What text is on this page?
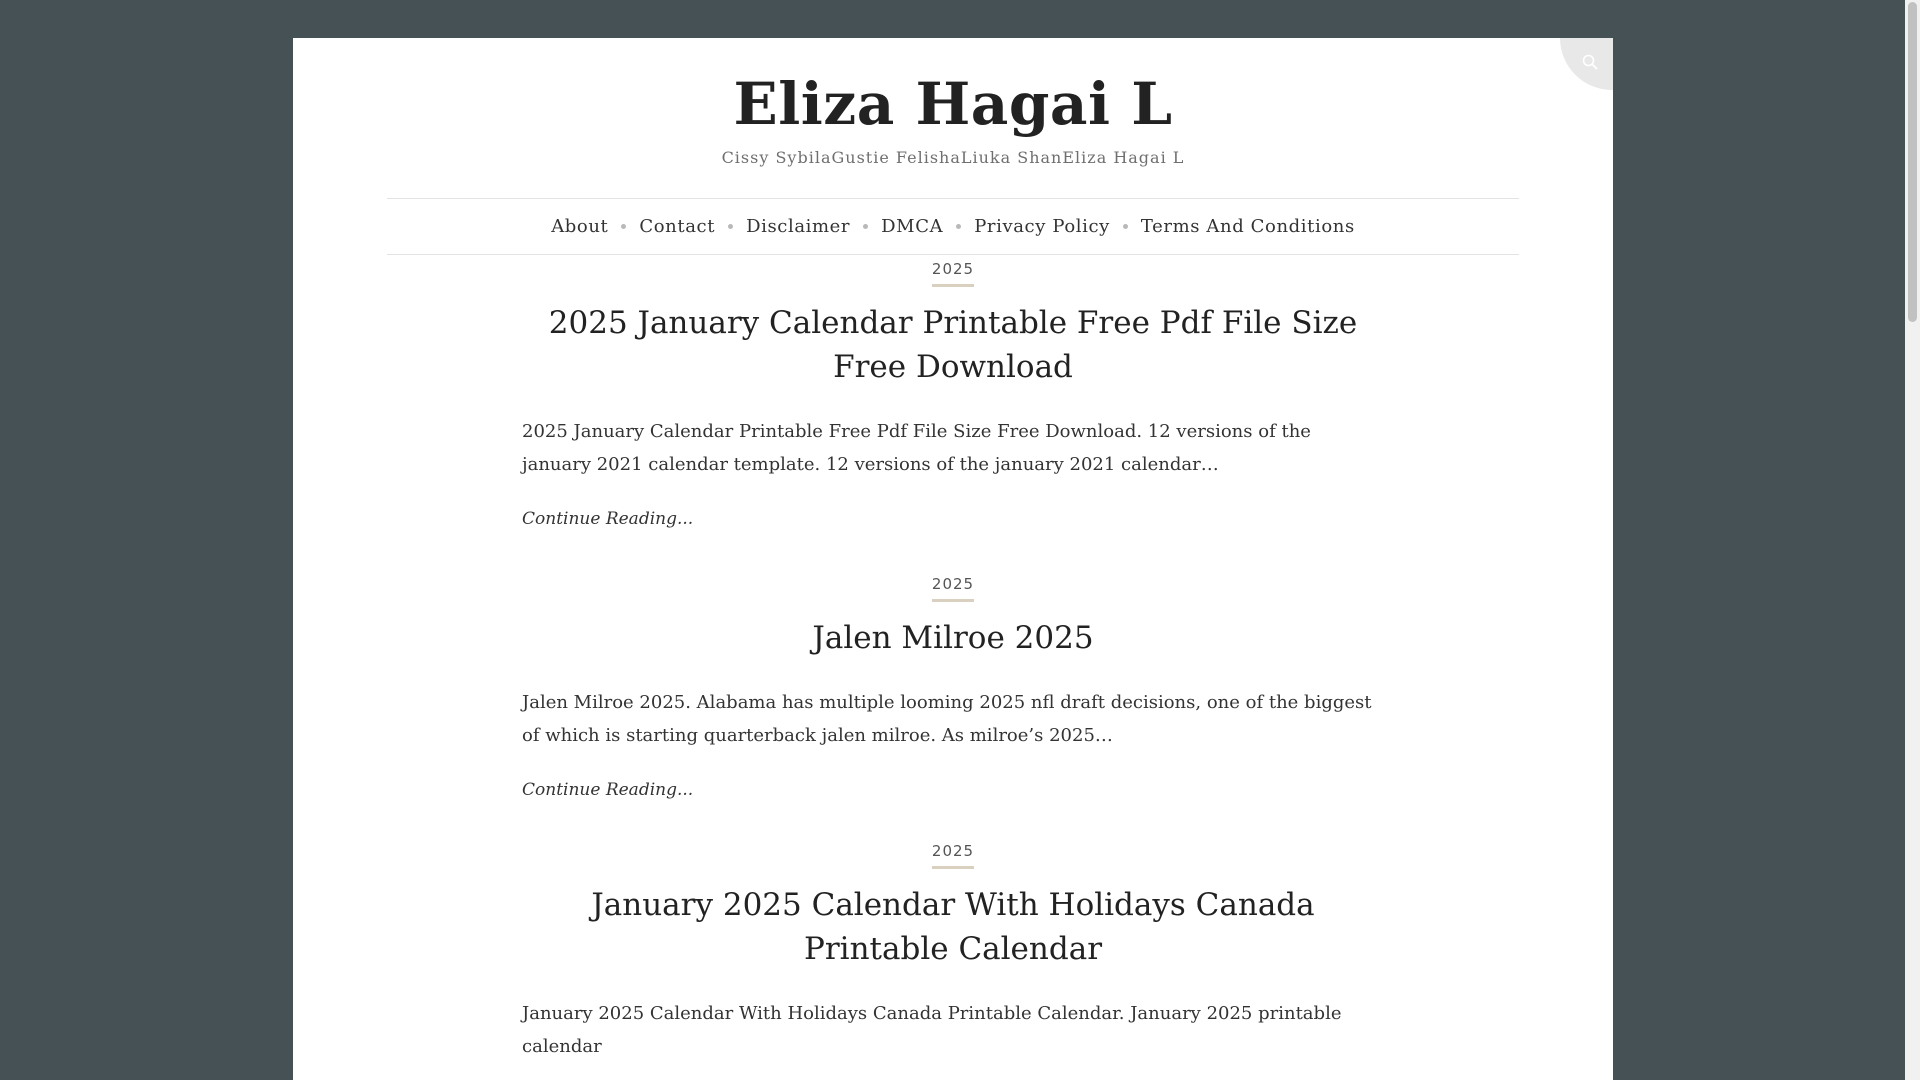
Eliza Hagai L
Cissy SybilaGustie FelishaLiuka ShanEliza Hagai L
About	Contact	Disclaimer	DMCA	Privacy Policy	Terms And Conditions
2025
2025 January Calendar Printable Free Pdf File Size Free Download

2025 January Calendar Printable Free Pdf File Size Free Download. 12 versions of the january 2021 calendar template. 12 versions of the january 2021 calendar…

Continue Reading...
2025
Jalen Milroe 2025

Jalen Milroe 2025. Alabama has multiple looming 2025 nfl draft decisions, one of the biggest of which is starting quarterback jalen milroe. As milroe’s 2025…

Continue Reading...
2025
January 2025 Calendar With Holidays Canada Printable Calendar

January 2025 Calendar With Holidays Canada Printable Calendar. January 2025 printable calendar
